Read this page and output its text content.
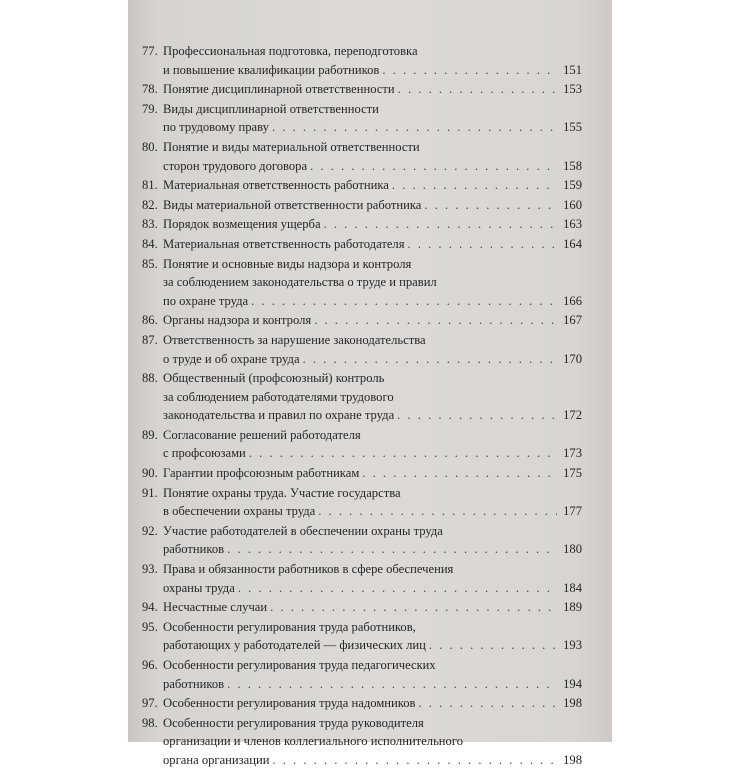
77. Профессиональная подготовка, переподготовка
и повышение квалификации работников . . .	151
78. Понятие дисциплинарной ответственности . . .	153
79. Виды дисциплинарной ответственности
по трудовому праву . . .	155
80. Понятие и виды материальной ответственности
сторон трудового договора . . .	158
81. Материальная ответственность работника . . .	159
82. Виды материальной ответственности работника . . .	160
83. Порядок возмещения ущерба . . .	163
84. Материальная ответственность работодателя . . .	164
85. Понятие и основные виды надзора и контроля
за соблюдением законодательства о труде и правил
по охране труда . . .	166
86. Органы надзора и контроля . . .	167
87. Ответственность за нарушение законодательства
о труде и об охране труда . . .	170
88. Общественный (профсоюзный) контроль
за соблюдением работодателями трудового
законодательства и правил по охране труда . . .	172
89. Согласование решений работодателя
с профсоюзами . . .	173
90. Гарантии профсоюзным работникам . . .	175
91. Понятие охраны труда. Участие государства
в обеспечении охраны труда . . .	177
92. Участие работодателей в обеспечении охраны труда
работников . . .	180
93. Права и обязанности работников в сфере обеспечения
охраны труда . . .	184
94. Несчастные случаи . . .	189
95. Особенности регулирования труда работников,
работающих у работодателей — физических лиц . . .	193
96. Особенности регулирования труда педагогических
работников . . .	194
97. Особенности регулирования труда надомников . . .	198
98. Особенности регулирования труда руководителя
организации и членов коллегиального исполнительного
органа организации . . .	198
